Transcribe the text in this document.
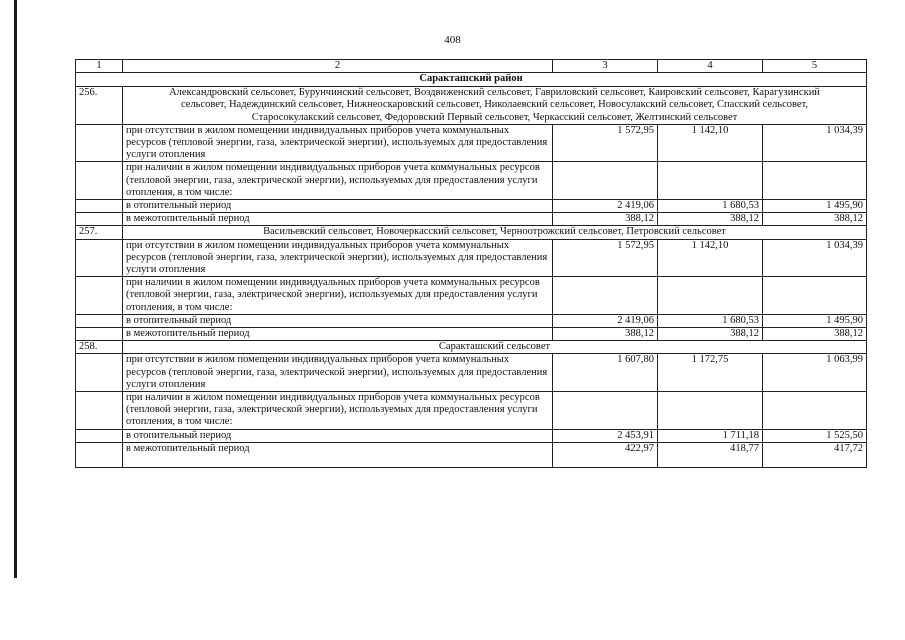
408
1	2	3	4	5
Саракташский район				
256.	Александровский сельсовет, Бурунчинский сельсовет, Воздвиженский сельсовет, Гавриловский сельсовет, Каировский сельсовет, Карагузинский сельсовет, Надеждинский сельсовет, Нижнеоскаровский сельсовет, Николаевский сельсовет, Новосулакский сельсовет, Спасский сельсовет, Старосокулакский сельсовет, Федоровский Первый сельсовет, Черкасский сельсовет, Желтинский сельсовет			
	при отсутствии в жилом помещении индивидуальных приборов учета коммунальных ресурсов (тепловой энергии, газа, электрической энергии), используемых для предоставления услуги отопления	1 572,95	1 142,10	1 034,39
	при наличии в жилом помещении индивидуальных приборов учета коммунальных ресурсов (тепловой энергии, газа, электрической энергии), используемых для предоставления услуги отопления, в том числе:			
	в отопительный период	2 419,06	1 680,53	1 495,90
	в межотопительный период	388,12	388,12	388,12
257.	Васильевский сельсовет, Новочеркасский сельсовет, Черноотрожский сельсовет, Петровский сельсовет			
	при отсутствии в жилом помещении индивидуальных приборов учета коммунальных ресурсов (тепловой энергии, газа, электрической энергии), используемых для предоставления услуги отопления	1 572,95	1 142,10	1 034,39
	при наличии в жилом помещении индивидуальных приборов учета коммунальных ресурсов (тепловой энергии, газа, электрической энергии), используемых для предоставления услуги отопления, в том числе:			
	в отопительный период	2 419,06	1 680,53	1 495,90
	в межотопительный период	388,12	388,12	388,12
258.	Саракташский сельсовет			
	при отсутствии в жилом помещении индивидуальных приборов учета коммунальных ресурсов (тепловой энергии, газа, электрической энергии), используемых для предоставления услуги отопления	1 607,80	1 172,75	1 063,99
	при наличии в жилом помещении индивидуальных приборов учета коммунальных ресурсов (тепловой энергии, газа, электрической энергии), используемых для предоставления услуги отопления, в том числе:			
	в отопительный период	2 453,91	1 711,18	1 525,50
	в межотопительный период	422,97	418,77	417,72
